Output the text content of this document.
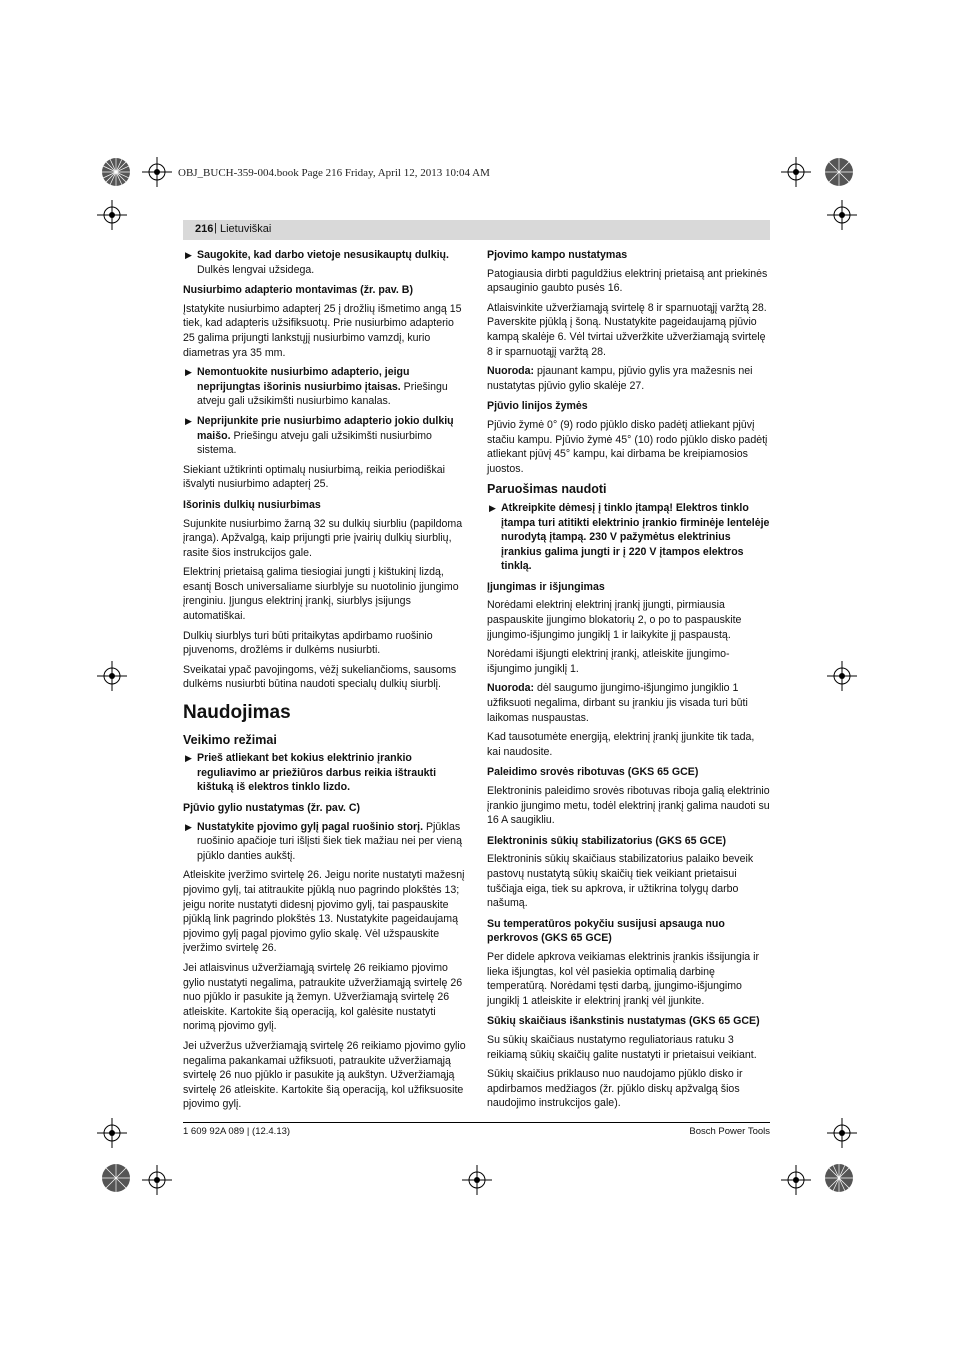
OBJ_BUCH-359-004.book Page 216 Friday, April 12, 2013 10:04 AM
216 | Lietuviškai
▶ Saugokite, kad darbo vietoje nesusikauptų dulkių. Dulkės lengvai užsidega.
Nusiurbimo adapterio montavimas (žr. pav. B)

Įstatykite nusiurbimo adapterį 25 į drožlių išmetimo angą 15 tiek, kad adapteris užsifiksuotų. Prie nusiurbimo adapterio 25 galima prijungti lankstųjį nusiurbimo vamzdį, kurio diametras yra 35 mm.

▶ Nemontuokite nusiurbimo adapterio, jeigu neprijungtas išorinis nusiurbimo įtaisas. Priešingu atveju gali užsikimšti nusiurbimo kanalas.
▶ Neprijunkite prie nusiurbimo adapterio jokio dulkių maišo. Priešingu atveju gali užsikimšti nusiurbimo sistema.

Siekiant užtikrinti optimalų nusiurbimą, reikia periodiškai išvalyti nusiurbimo adapterį 25.

Išorinis dulkių nusiurbimas

Sujunkite nusiurbimo žarną 32 su dulkių siurbliu (papildoma įranga). Apžvalgą, kaip prijungti prie įvairių dulkių siurblių, rasite šios instrukcijos gale.

Elektrinį prietaisą galima tiesiogiai jungti į kištukinį lizdą, esantį Bosch universaliame siurblyje su nuotolinio įjungimo įrenginiu. Įjungus elektrinį įrankį, siurblys įsijungs automatiškai.

Dulkių siurblys turi būti pritaikytas apdirbamo ruošinio pjuvenoms, drožlėms ir dulkėms nusiurbti.

Sveikatai ypač pavojingoms, vėžį sukeliančioms, sausoms dulkėms nusiurbti būtina naudoti specialų dulkių siurblį.

Naudojimas
Veikimo režimai
▶ Prieš atliekant bet kokius elektrinio įrankio reguliavimo ar priežiūros darbus reikia ištraukti kištuką iš elektros tinklo lizdo.
Pjūvio gylio nustatymas (žr. pav. C)
▶ Nustatykite pjovimo gylį pagal ruošinio storį. Pjūklas ruošinio apačioje turi išlįsti šiek tiek mažiau nei per vieną pjūklo danties aukštį.

Atleiskite įveržimo svirtelę 26. Jeigu norite nustatyti mažesnį pjovimo gylį, tai atitraukite pjūklą nuo pagrindo plokštės 13; jeigu norite nustatyti didesnį pjovimo gylį, tai paspauskite pjūklą link pagrindo plokštės 13. Nustatykite pageidaujamą pjovimo gylį pagal pjovimo gylio skalę. Vėl užspauskite įveržimo svirtelę 26.

Jei atlaisvinus užveržiamąją svirtelę 26 reikiamo pjovimo gylio nustatyti negalima, patraukite užveržiamąją svirtelę 26 nuo pjūklo ir pasukite ją žemyn. Užveržiamąją svirtelę 26 atleiskite. Kartokite šią operaciją, kol galėsite nustatyti norimą pjovimo gylį.

Jei užveržus užveržiamąją svirtelę 26 reikiamo pjovimo gylio negalima pakankamai užfiksuoti, patraukite užveržiamąją svirtelę 26 nuo pjūklo ir pasukite ją aukštyn. Užveržiamąją svirtelę 26 atleiskite. Kartokite šią operaciją, kol užfiksuosite pjovimo gylį.

Pjovimo kampo nustatymas

Patogiausia dirbti paguldžius elektrinį prietaisą ant priekinės apsauginio gaubto pusės 16.

Atlaisvinkite užveržiamąją svirtelę 8 ir sparnuotąjį varžtą 28. Paverskite pjūklą į šoną. Nustatykite pageidaujamą pjūvio kampą skalėje 6. Vėl tvirtai užveržkite užveržiamąją svirtelę 8 ir sparnuotąjį varžtą 28.

Nuoroda: pjaunant kampu, pjūvio gylis yra mažesnis nei nustatytas pjūvio gylio skalėje 27.

Pjūvio linijos žymės

Pjūvio žymė 0° (9) rodo pjūklo disko padėtį atliekant pjūvį stačiu kampu. Pjūvio žymė 45° (10) rodo pjūklo disko padėtį atliekant pjūvį 45° kampu, kai dirbama be kreipiamosios juostos.

Paruošimas naudoti
▶ Atkreipkite dėmesį į tinklo įtampą! Elektros tinklo įtampa turi atitikti elektrinio įrankio firminėje lentelėje nurodytą įtampą. 230 V pažymėtus elektrinius įrankius galima jungti ir į 220 V įtampos elektros tinklą.
Įjungimas ir išjungimas

Norėdami elektrinį elektrinį įrankį įjungti, pirmiausia paspauskite įjungimo blokatorių 2, o po to paspauskite įjungimo-išjungimo jungiklį 1 ir laikykite jį paspaustą.

Norėdami išjungti elektrinį įrankį, atleiskite įjungimo-išjungimo jungiklį 1.

Nuoroda: dėl saugumo įjungimo-išjungimo jungiklio 1 užfiksuoti negalima, dirbant su įrankiu jis visada turi būti laikomas nuspaustas.

Kad tausotumėte energiją, elektrinį įrankį įjunkite tik tada, kai naudosite.

Paleidimo srovės ribotuvas (GKS 65 GCE)

Elektroninis paleidimo srovės ribotuvas riboja galią elektrinio įrankio įjungimo metu, todėl elektrinį įrankį galima naudoti su 16 A saugikliu.

Elektroninis sūkių stabilizatorius (GKS 65 GCE)

Elektroninis sūkių skaičiaus stabilizatorius palaiko beveik pastovų nustatytą sūkių skaičių tiek veikiant prietaisui tuščiąja eiga, tiek su apkrova, ir užtikrina tolygų darbo našumą.

Su temperatūros pokyčiu susijusi apsauga nuo perkrovos (GKS 65 GCE)

Per didele apkrova veikiamas elektrinis įrankis išsijungia ir lieka išjungtas, kol vėl pasiekia optimalią darbinę temperatūrą. Norėdami tęsti darbą, įjungimo-išjungimo jungiklį 1 atleiskite ir elektrinį įrankį vėl įjunkite.

Sūkių skaičiaus išankstinis nustatymas (GKS 65 GCE)

Su sūkių skaičiaus nustatymo reguliatoriaus ratuku 3 reikiamą sūkių skaičių galite nustatyti ir prietaisui veikiant.

Sūkių skaičius priklauso nuo naudojamo pjūklo disko ir apdirbamos medžiagos (žr. pjūklo diskų apžvalgą šios naudojimo instrukcijos gale).

1 609 92A 089 | (12.4.13)	Bosch Power Tools
